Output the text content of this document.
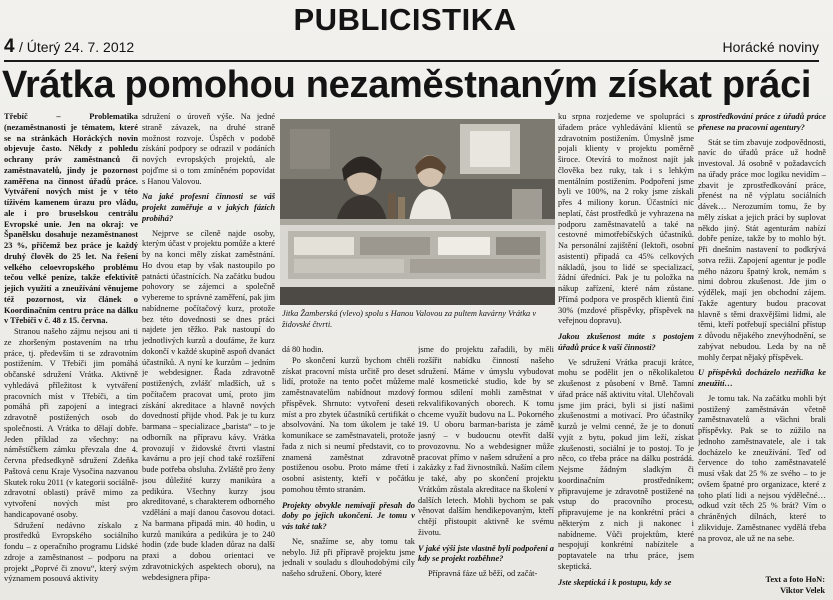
PUBLICISTIKA
4 / Úterý 24. 7. 2012	Horácké noviny
Vrátka pomohou nezaměstnaným získat práci

Třebíč – Problematika (nezaměstnanosti je tématem, které se na stránkách Horáckých novin objevuje často. Někdy z pohledu ochrany práv zaměstnanců či zaměstnavatelů, jindy je pozornost zaměřena na činnost úřadů práce. Vytváření nových míst je v této tíživém kamenem úrazu pro vládu, ale i pro bruselskou centrálu Evropské unie. Jen na okraj: ve Španělsku dosahuje nezaměstnanost 23 %, přičemž bez práce je každý druhý člověk do 25 let. Na řešení velkého celoevropského problému tečou velké peníze, takže efektivitě jejich využití a zneužívání věnujeme též pozornost, viz článek o Koordinačním centru práce na dálku v Třebíči v č. 48 z 15. června.

Stranou našeho zájmu nejsou ani ti ze zhoršeným postavením na trhu práce, tj. především ti se zdravotním postižením. V Třebíči jim pomáhá občanské sdružení Vrátka. Aktivně vyhledává příležitost k vytváření pracovních míst v Třebíči, a tím pomáhá při zapojení a integraci zdravotně postižených osob do společnosti. A Vrátka to dělají dobře. Jeden příklad za všechny: na náměstíčkem zámku převzala dne 4. června předsedkyně sdružení Zdeňka Paštová cenu Kraje Vysočina nazvanou Skutek roku 2011 (v kategorii sociálně-zdravotní oblasti) právě mimo za vytvoření nových míst pro handicapované osoby.

Sdružení nedávno získalo z prostředků Evropského sociálního fondu – z operačního programu Lidské zdroje a zaměstnanost – podporu na projekt „Poprvé či znovu“, který svým významem posouvá aktivity

sdružení o úroveň výše. Na jedné straně závazek, na druhé straně možnost rozvoje. Úspěch v podobě získání podpory se odrazil v podáních nových evropských projektů, ale pojďme si o tom zmíněném popovídat s Hanou Valovou.

Na jaké profesní činnosti se váš projekt zaměřuje a v jakých fázích probíhá?

Nejprve se cíleně najde osoby, kterým účast v projektu pomůže a které by na konci měly získat zaměstnání. Ho dvou etap by však nastoupilo po patnácti účastnících. Na začátku budou pohovory se zájemci a společně vybereme to správné zaměření, pak jim nabídneme počítačový kurz, protože bez této dovednosti se dnes práci najdete jen těžko. Pak nastoupí do jednotlivých kurzů a doufáme, že kurz dokončí v každé skupině aspoň dvanáct účastníků. A nyní ke kurzům – jedním je webdesigner. Řada zdravotně postižených, zvlášť mladších, už s počítačem pracovat umí, proto jim získání akreditace a hlavně nových dovedností přijde vhod. Pak je tu kurz barmana – specializace „barista“ – to je odborník na přípravu kávy. Vrátka provozují v židovské čtvrti vlastní kavárnu a pro její chod také rozšíření bude potřeba obsluha. Zvláště pro ženy jsou důležité kurzy manikúra a pedikúra. Všechny kurzy jsou akreditované, s charakterem odborného vzdělání a mají danou časovou dotaci. Na barmana připadá min. 40 hodin, u kurzů manikúra a pedikúra je to 240 hodin (zde bude kladen důraz na další praxi a dobou orientaci ve zdravotnických aspektech oboru), na webdesignera připa-

Jitka Žamberská (vlevo) spolu s Hanou Valovou za pultem kavárny Vrátka v židovské čtvrti.

dá 80 hodin.

Po skončení kurzů bychom chtěli získat pracovní místa určitě pro deset lidí, protože na tento počet můžeme zaměstnavatelům nabídnout mzdový příspěvek. Shrnuto: vytvoření deseti míst a pro zbytek účastníků certifikát o absolvování. Na tom úkolem je také komunikace se zaměstnavateli, protože řada z nich si neumí představit, co to znamená zaměstnat zdravotně postiženou osobu. Proto máme třetí i osobní asistenty, kteří v počátku pomohou těmto stranám.

Projekty obvykle nemívají přesah do doby po jejich ukončení. Je tomu v vás také tak?

Ne, snažíme se, aby tomu tak nebylo. Již při přípravě projektu jsme jednali v souladu s dlouhodobými cíly našeho sdružení. Obory, které

jsme do projektu zařadili, by měli rozšířit nabídku činností našeho sdružení. Máme v úmyslu vybudovat malé kosmetické studio, kde by se formou sdílení mohli zaměstnat v rekvalifikovaných oborech. K tomu chceme využít budovu na L. Pokorného 19. U oboru barman-barista je zámě jasný – v budoucnu otevřít další provozovnu. No a webdesigner může pracovat přímo v našem sdružení a pro zakázky z řad živnostníků. Naším cílem je také, aby po skončení projektu Vrátkům zůstala akreditace na školení v dalších letech. Mohli bychom se pak věnovat dalším hendikepovaným, kteří chtějí přistoupit aktivně ke svému životu.

V jaké výši jste vlastně byli podpořeni a kdy se projekt rozběhne?

Přípravná fáze už běží, od začát-

ku srpna rozjedeme ve spolupráci s úřadem práce vyhledávání klientů se zdravotním postižením. Úmyslně jsme pojali klienty v projektu poměrně široce. Otevírá to možnost najít jak člověka bez ruky, tak i s lehkým mentálním postižením. Podpoření jsme byli ve 100%, na 2 roky jsme získali přes 4 miliony korun. Účastníci nic neplatí, část prostředků je vyhrazena na podporu zaměstnavatelů a také na cestovné mimotřebíčských účastníků. Na personální zajištění (lektoři, osobní asistenti) připadá ca 45% celkových nákladů, jsou to lidé se specializací, žádní úředníci. Pak je tu položka na nákup zařízení, které nám zůstane. Přímá podpora ve prospěch klientů činí 30% (mzdové příspěvky, příspěvek na veřejnou dopravu).

Jakou zkušenost máte s postojem úřadů práce k vaší činnosti?

Ve sdružení Vrátka pracuji krátce, mohu se podělit jen o několikaletou zkušenost z působení v Brně. Tamní úřad práce náš aktivitu vítal. Ulehčovali jsme jim práci, byli si jistí našimi zkušenostmi a motivací. Pro účastníky kurzů je velmi cenné, že je to donutí vyjít z bytu, pokud jim leží, získat zkušenosti, sociální je to postoj. To je něco, co třeba práce na dálku postrádá. Nejsme žádným sladkým či koordinačním prostředníkem; připravujeme je zdravotně postižené na vstup do pracovního procesu, připravujeme je na konkrétní práci a některým z nich ji nakonec i nabídneme. Vůči projektům, které nespojují konkrétní nabízitele a poptavatele na trhu práce, jsem skeptická.

Jste skeptická i k postupu, kdy se

zprostředkování práce z úřadů práce přenese na pracovní agentury?

Stát se tím zbavuje zodpovědnosti, navíc do úřadů práce už hodně investoval. Já osobně v požadavcích na úřady práce moc logiku nevidím – zbavit je zprostředkování práce, přenést na ně výplatu sociálních dávek… Nerozumím tomu, že by měly získat a jejich práci by suplovat někdo jiný. Stát agenturám nabízí dobře peníze, takže by to mohlo být. Při dnešním nastavení to podkrývá sotva režii. Zapojení agentur je podle mého názoru špatný krok, nemám s nimi dobrou zkušenost. Jde jim o výdělek, mají jen obchodní zájem. Takže agentury budou pracovat hlavně s těmi draxvějšími lidmi, ale těmi, kteří potřebují speciální přístup z důvodu nějakého znevýhodnění, se zabývat nebudou. Leda by na ně mohly čerpat nějaký příspěvek.

U příspěvků docházelo nezřídka ke zneužití…

Je tomu tak. Na začátku mohli být postižený zaměstnáván včetně zaměstnavatelů a všichni brali příspěvky. Pak se to zúžilo na jednoho zaměstnavatele, ale i tak docházelo ke zneužívání. Teď od července do toho zaměstnavatelé musí však dat 25 % ze svého – to je ovšem špatné pro organizace, které z toho platí lidi a nejsou výdělečné… odkud vzít těch 25 % brát? Vím o chráněných dílnách, které to zlikviduje. Zaměstnanec vydělá třeba na provoz, ale už ne na sebe.

Text a foto HoN:
Viktor Velek
